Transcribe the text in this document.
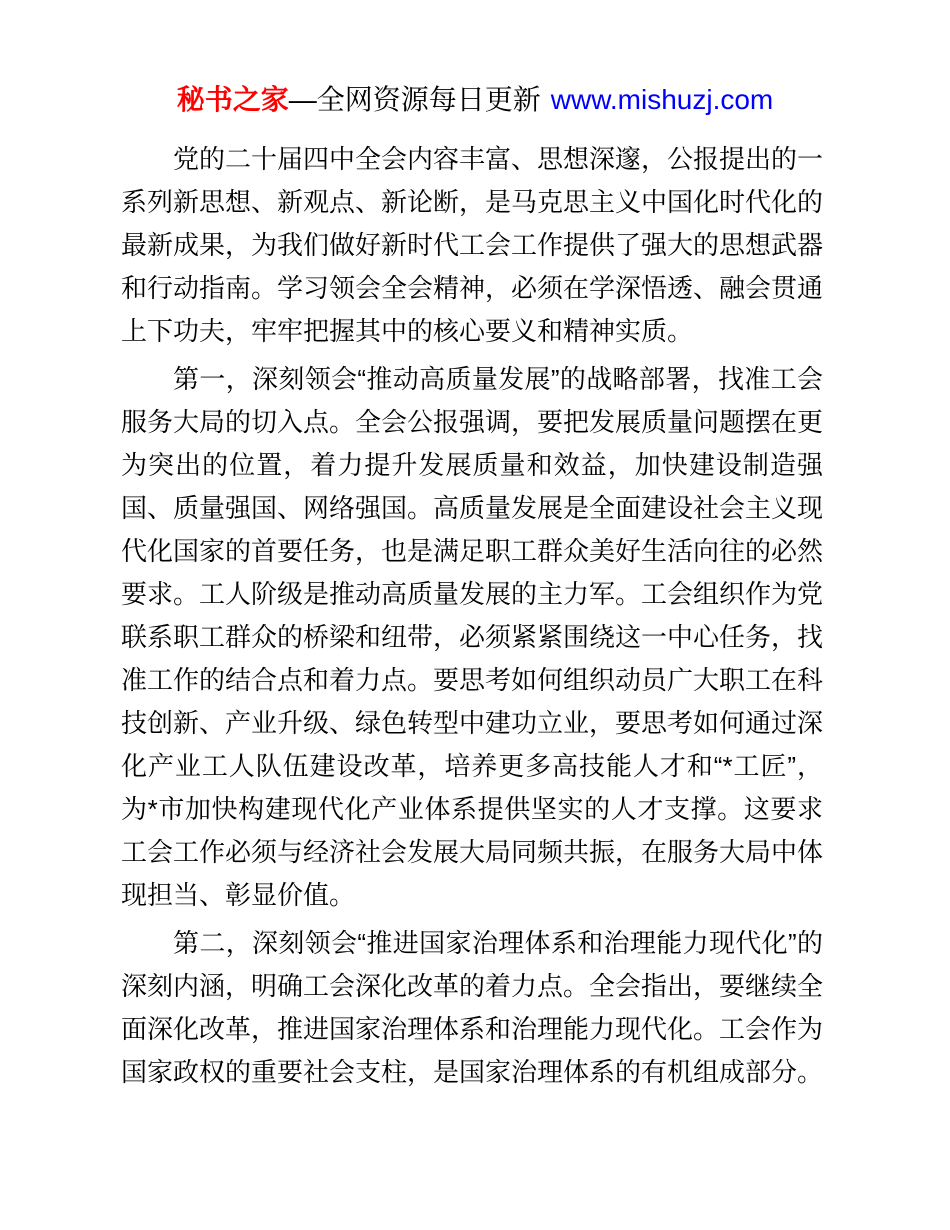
秘书之家—全网资源每日更新 www.mishuzj.com

党的二十届四中全会内容丰富、思想深邃，公报提出的一系列新思想、新观点、新论断，是马克思主义中国化时代化的最新成果，为我们做好新时代工会工作提供了强大的思想武器和行动指南。学习领会全会精神，必须在学深悟透、融会贯通上下功夫，牢牢把握其中的核心要义和精神实质。

第一，深刻领会“推动高质量发展”的战略部署，找准工会服务大局的切入点。全会公报强调，要把发展质量问题摆在更为突出的位置，着力提升发展质量和效益，加快建设制造强国、质量强国、网络强国。高质量发展是全面建设社会主义现代化国家的首要任务，也是满足职工群众美好生活向往的必然要求。工人阶级是推动高质量发展的主力军。工会组织作为党联系职工群众的桥梁和纽带，必须紧紧围绕这一中心任务，找准工作的结合点和着力点。要思考如何组织动员广大职工在科技创新、产业升级、绿色转型中建功立业，要思考如何通过深化产业工人队伍建设改革，培养更多高技能人才和“*工匠”，为*市加快构建现代化产业体系提供坚实的人才支撑。这要求工会工作必须与经济社会发展大局同频共振，在服务大局中体现担当、彰显价值。

第二，深刻领会“推进国家治理体系和治理能力现代化”的深刻内涵，明确工会深化改革的着力点。全会指出，要继续全面深化改革，推进国家治理体系和治理能力现代化。工会作为国家政权的重要社会支柱，是国家治理体系的有机组成部分。
